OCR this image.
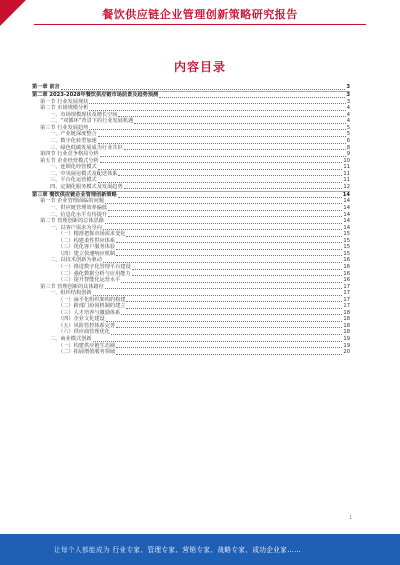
餐饮供应链企业管理创新策略研究报告
内容目录
第一章 前言	3
第二章 2023-2028年餐饮供应链市场前景及趋势预测	3
第一节 行业发展现状	3
第二节 市场规模分析	4
一、市场规模现状及增长空间	4
二、“双循环”背景下的行业发展机遇	4
第三节 行业发展趋势	5
一、产业链深度整合	5
二、数字化转型加速	6
三、绿色低碳发展成为行业共识	8
第四节 行业竞争格局分析	9
第五节 企业经营模式分析	10
一、连锁化经营模式	11
二、中央厨房模式及配送体系	11
三、平台化运营模式	11
四、定制化服务模式及发展趋势	12
第三章 餐饮供应链企业管理创新策略	14
第一节 企业管理面临的问题	14
一、供应链管理效率偏低	14
二、信息化水平有待提升	14
第二节 管理创新的总体思路	14
一、以客户需求为导向	14
（一）精准把握市场需求变化	15
（二）构建柔性供应体系	15
（三）优化客户服务体验	15
（四）建立快速响应机制	15
二、以技术创新为驱动	16
（一）推进数字化管理平台建设	16
（二）强化数据分析与应用能力	16
（三）提升智能化运营水平	16
第三节 管理创新的具体路径	17
一、组织结构创新	17
（一）扁平化组织架构的构建	17
（二）跨部门协同机制的建立	17
（三）人才培养与激励体系	18
（四）企业文化建设	18
（五）风险管控体系完善	18
（六）供应商管理优化	18
二、商业模式创新	19
（一）构建供应链生态圈	19
（二）拓展增值服务领域	20
1
让每个人都能成为 行业专家、管理专家、营销专家、战略专家、成功企业家……
